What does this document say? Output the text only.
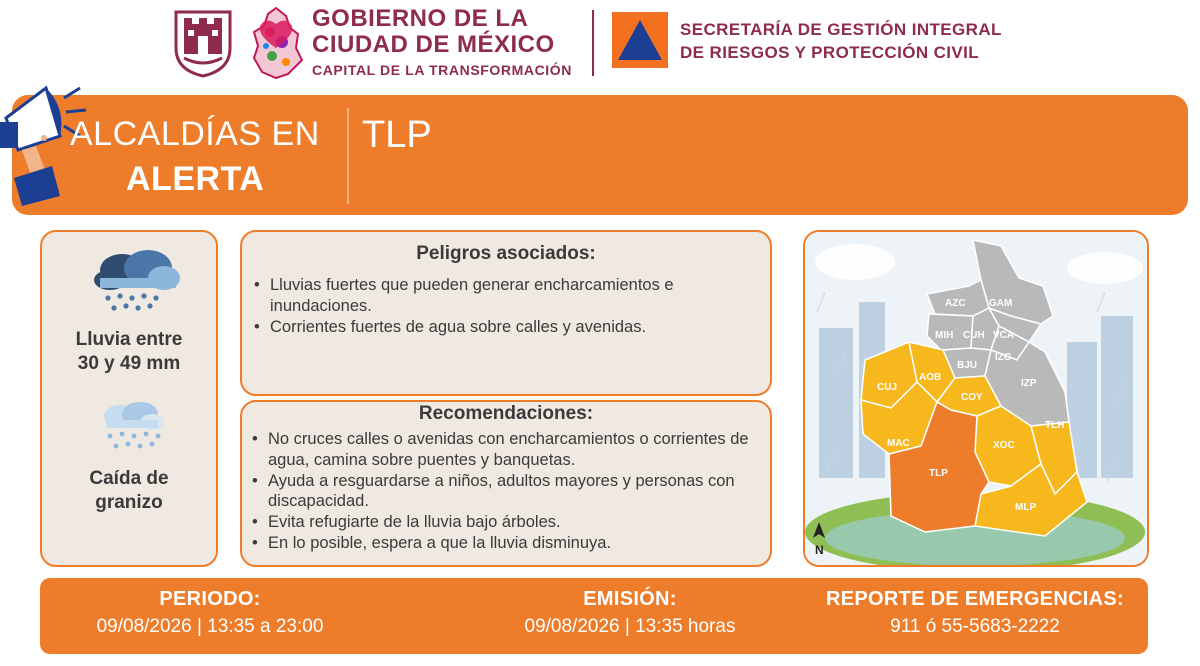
GOBIERNO DE LA
CIUDAD DE MÉXICO
CAPITAL DE LA TRANSFORMACIÓN
SECRETARÍA DE GESTIÓN INTEGRAL
DE RIESGOS Y PROTECCIÓN CIVIL
ALCALDÍAS EN
ALERTA
TLP
Lluvia entre
30 y 49 mm
Caída de
granizo
Peligros asociados:
• Lluvias fuertes que pueden generar encharcamientos e inundaciones.
• Corrientes fuertes de agua sobre calles y avenidas.
Recomendaciones:
• No cruces calles o avenidas con encharcamientos o corrientes de agua, camina sobre puentes y banquetas.
• Ayuda a resguardarse a niños, adultos mayores y personas con discapacidad.
• Evita refugiarte de la lluvia bajo árboles.
• En lo posible, espera a que la lluvia disminuya.
AZC GAM
MIH CUH VCA
IZC
BJU
IZP
CUJ
AOB
COY
MAC	XOC
TLH
TLP
MLP
N
PERIODO:
09/08/2026 | 13:35 a 23:00
EMISIÓN:
09/08/2026 | 13:35 horas
REPORTE DE EMERGENCIAS:
911 ó 55-5683-2222
